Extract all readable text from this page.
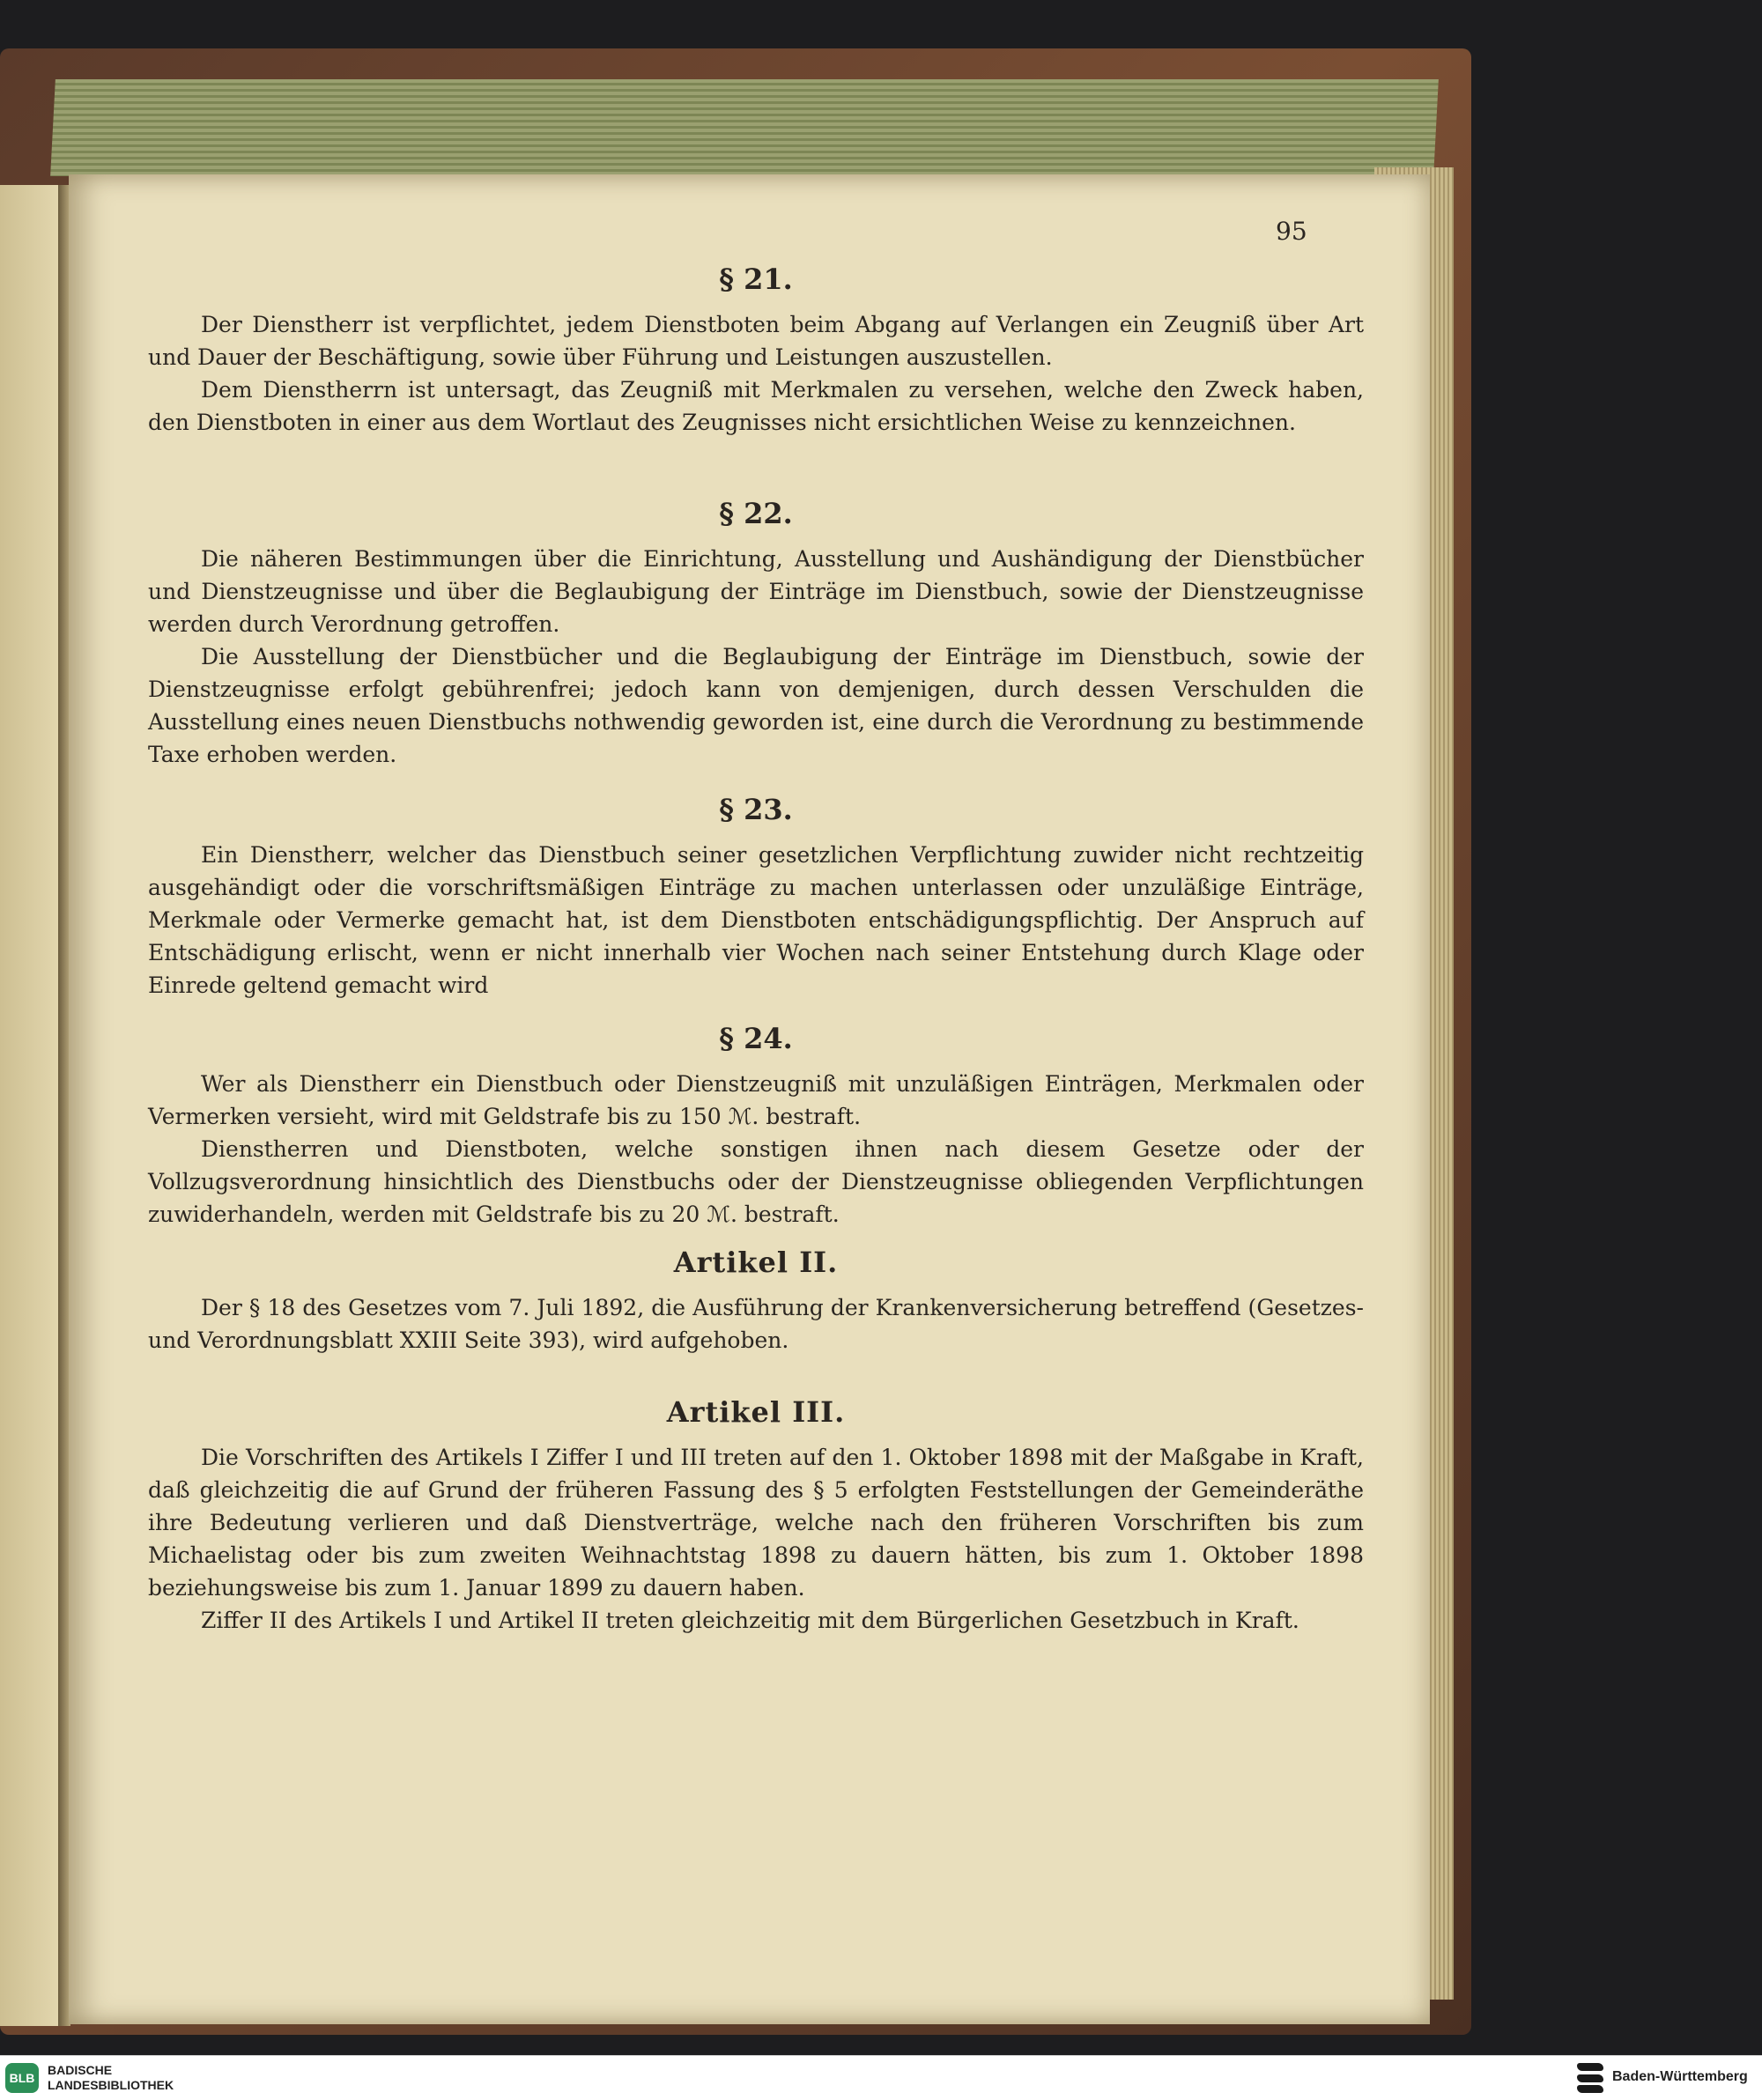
95
§ 21.

Der Dienstherr ist verpflichtet, jedem Dienstboten beim Abgang auf Verlangen ein Zeugniß über Art und Dauer der Beschäftigung, sowie über Führung und Leistungen auszustellen.

Dem Dienstherrn ist untersagt, das Zeugniß mit Merkmalen zu versehen, welche den Zweck haben, den Dienstboten in einer aus dem Wortlaut des Zeugnisses nicht ersichtlichen Weise zu kennzeichnen.

§ 22.

Die näheren Bestimmungen über die Einrichtung, Ausstellung und Aushändigung der Dienstbücher und Dienstzeugnisse und über die Beglaubigung der Einträge im Dienstbuch, sowie der Dienstzeugnisse werden durch Verordnung getroffen.

Die Ausstellung der Dienstbücher und die Beglaubigung der Einträge im Dienstbuch, sowie der Dienstzeugnisse erfolgt gebührenfrei; jedoch kann von demjenigen, durch dessen Verschulden die Ausstellung eines neuen Dienstbuchs nothwendig geworden ist, eine durch die Verordnung zu bestimmende Taxe erhoben werden.

§ 23.

Ein Dienstherr, welcher das Dienstbuch seiner gesetzlichen Verpflichtung zuwider nicht rechtzeitig ausgehändigt oder die vorschriftsmäßigen Einträge zu machen unterlassen oder unzuläßige Einträge, Merkmale oder Vermerke gemacht hat, ist dem Dienstboten entschädigungspflichtig. Der Anspruch auf Entschädigung erlischt, wenn er nicht innerhalb vier Wochen nach seiner Entstehung durch Klage oder Einrede geltend gemacht wird

§ 24.

Wer als Dienstherr ein Dienstbuch oder Dienstzeugniß mit unzuläßigen Einträgen, Merkmalen oder Vermerken versieht, wird mit Geldstrafe bis zu 150 ℳ. bestraft.

Dienstherren und Dienstboten, welche sonstigen ihnen nach diesem Gesetze oder der Vollzugsverordnung hinsichtlich des Dienstbuchs oder der Dienstzeugnisse obliegenden Verpflichtungen zuwiderhandeln, werden mit Geldstrafe bis zu 20 ℳ. bestraft.

Artikel II.

Der § 18 des Gesetzes vom 7. Juli 1892, die Ausführung der Krankenversicherung betreffend (Gesetzes- und Verordnungsblatt XXIII Seite 393), wird aufgehoben.

Artikel III.

Die Vorschriften des Artikels I Ziffer I und III treten auf den 1. Oktober 1898 mit der Maßgabe in Kraft, daß gleichzeitig die auf Grund der früheren Fassung des § 5 erfolgten Feststellungen der Gemeinderäthe ihre Bedeutung verlieren und daß Dienstverträge, welche nach den früheren Vorschriften bis zum Michaelistag oder bis zum zweiten Weihnachtstag 1898 zu dauern hätten, bis zum 1. Oktober 1898 beziehungsweise bis zum 1. Januar 1899 zu dauern haben.

Ziffer II des Artikels I und Artikel II treten gleichzeitig mit dem Bürgerlichen Gesetzbuch in Kraft.

BLB
BADISCHE
LANDESBIBLIOTHEK
Baden-Württemberg
